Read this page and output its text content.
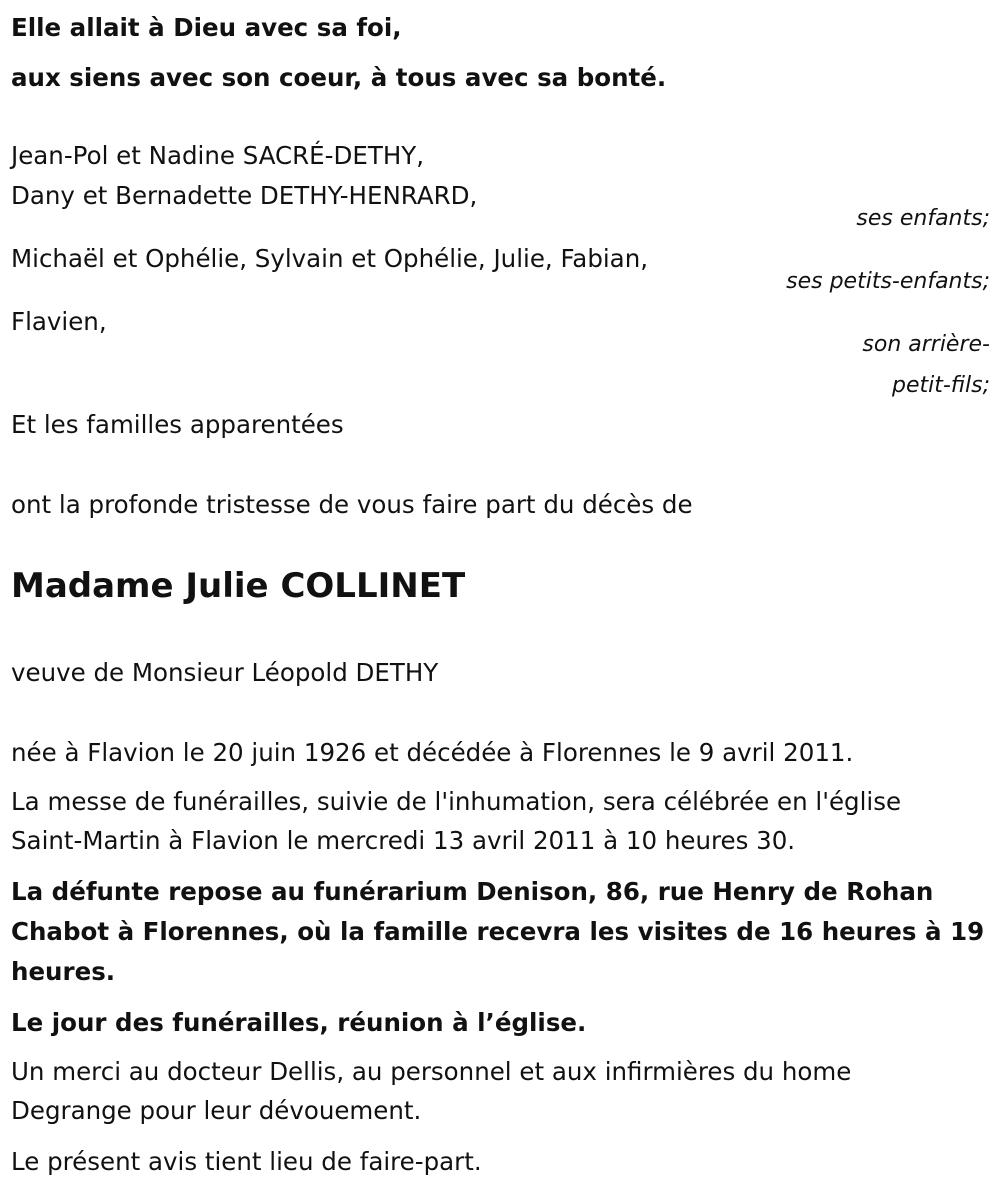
Elle allait à Dieu avec sa foi,
aux siens avec son coeur, à tous avec sa bonté.
Jean-Pol et Nadine SACRÉ-DETHY,
Dany et Bernadette DETHY-HENRARD,
ses enfants;
Michaël et Ophélie, Sylvain et Ophélie, Julie, Fabian,
ses petits-enfants;
Flavien,
son arrière-
petit-fils;
Et les familles apparentées
ont la profonde tristesse de vous faire part du décès de
Madame Julie COLLINET
veuve de Monsieur Léopold DETHY
née à Flavion le 20 juin 1926 et décédée à Florennes le 9 avril 2011.
La messe de funérailles, suivie de l'inhumation, sera célébrée en l'église
Saint-Martin à Flavion le mercredi 13 avril 2011 à 10 heures 30.
La défunte repose au funérarium Denison, 86, rue Henry de Rohan
Chabot à Florennes, où la famille recevra les visites de 16 heures à 19
heures.
Le jour des funérailles, réunion à l’église.
Un merci au docteur Dellis, au personnel et aux infirmières du home
Degrange pour leur dévouement.
Le présent avis tient lieu de faire-part.
